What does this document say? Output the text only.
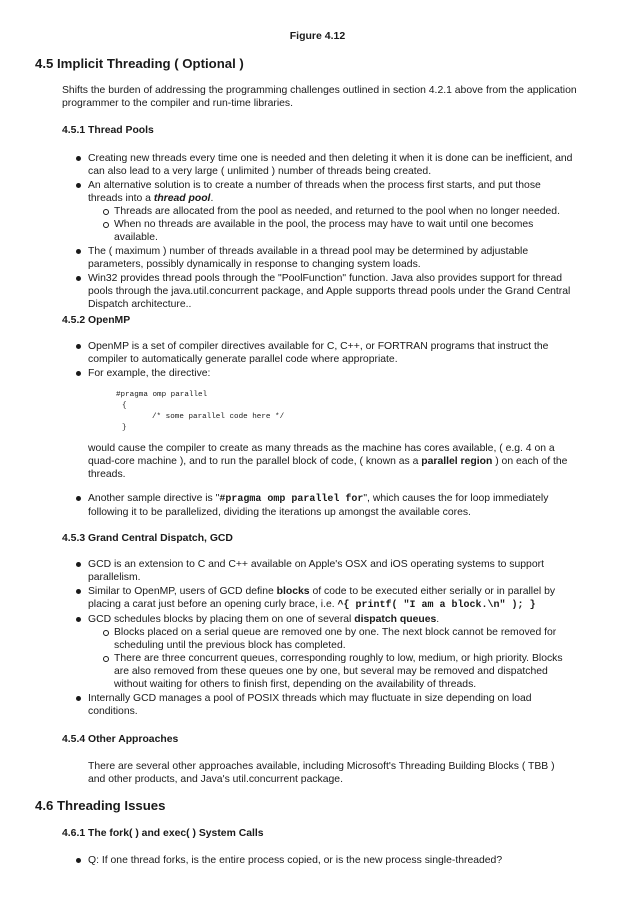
Figure 4.12
4.5 Implicit Threading ( Optional )

Shifts the burden of addressing the programming challenges outlined in section 4.2.1 above from the application programmer to the compiler and run-time libraries.

4.5.1 Thread Pools
Creating new threads every time one is needed and then deleting it when it is done can be inefficient, and can also lead to a very large ( unlimited ) number of threads being created.
An alternative solution is to create a number of threads when the process first starts, and put those threads into a thread pool.
Threads are allocated from the pool as needed, and returned to the pool when no longer needed.
When no threads are available in the pool, the process may have to wait until one becomes available.
The ( maximum ) number of threads available in a thread pool may be determined by adjustable parameters, possibly dynamically in response to changing system loads.
Win32 provides thread pools through the "PoolFunction" function. Java also provides support for thread pools through the java.util.concurrent package, and Apple supports thread pools under the Grand Central Dispatch architecture..
4.5.2 OpenMP
OpenMP is a set of compiler directives available for C, C++, or FORTRAN programs that instruct the compiler to automatically generate parallel code where appropriate.
For example, the directive:
#pragma omp parallel
{
/* some parallel code here */
}

would cause the compiler to create as many threads as the machine has cores available, ( e.g. 4 on a quad-core machine ), and to run the parallel block of code, ( known as a parallel region ) on each of the threads.

Another sample directive is "#pragma omp parallel for", which causes the for loop immediately following it to be parallelized, dividing the iterations up amongst the available cores.
4.5.3 Grand Central Dispatch, GCD
GCD is an extension to C and C++ available on Apple's OSX and iOS operating systems to support parallelism.
Similar to OpenMP, users of GCD define blocks of code to be executed either serially or in parallel by placing a carat just before an opening curly brace, i.e. ^{ printf( "I am a block.\n" ); }
GCD schedules blocks by placing them on one of several dispatch queues.
Blocks placed on a serial queue are removed one by one. The next block cannot be removed for scheduling until the previous block has completed.
There are three concurrent queues, corresponding roughly to low, medium, or high priority. Blocks are also removed from these queues one by one, but several may be removed and dispatched without waiting for others to finish first, depending on the availability of threads.
Internally GCD manages a pool of POSIX threads which may fluctuate in size depending on load conditions.
4.5.4 Other Approaches

There are several other approaches available, including Microsoft's Threading Building Blocks ( TBB ) and other products, and Java's util.concurrent package.

4.6 Threading Issues
4.6.1 The fork( ) and exec( ) System Calls
Q: If one thread forks, is the entire process copied, or is the new process single-threaded?
